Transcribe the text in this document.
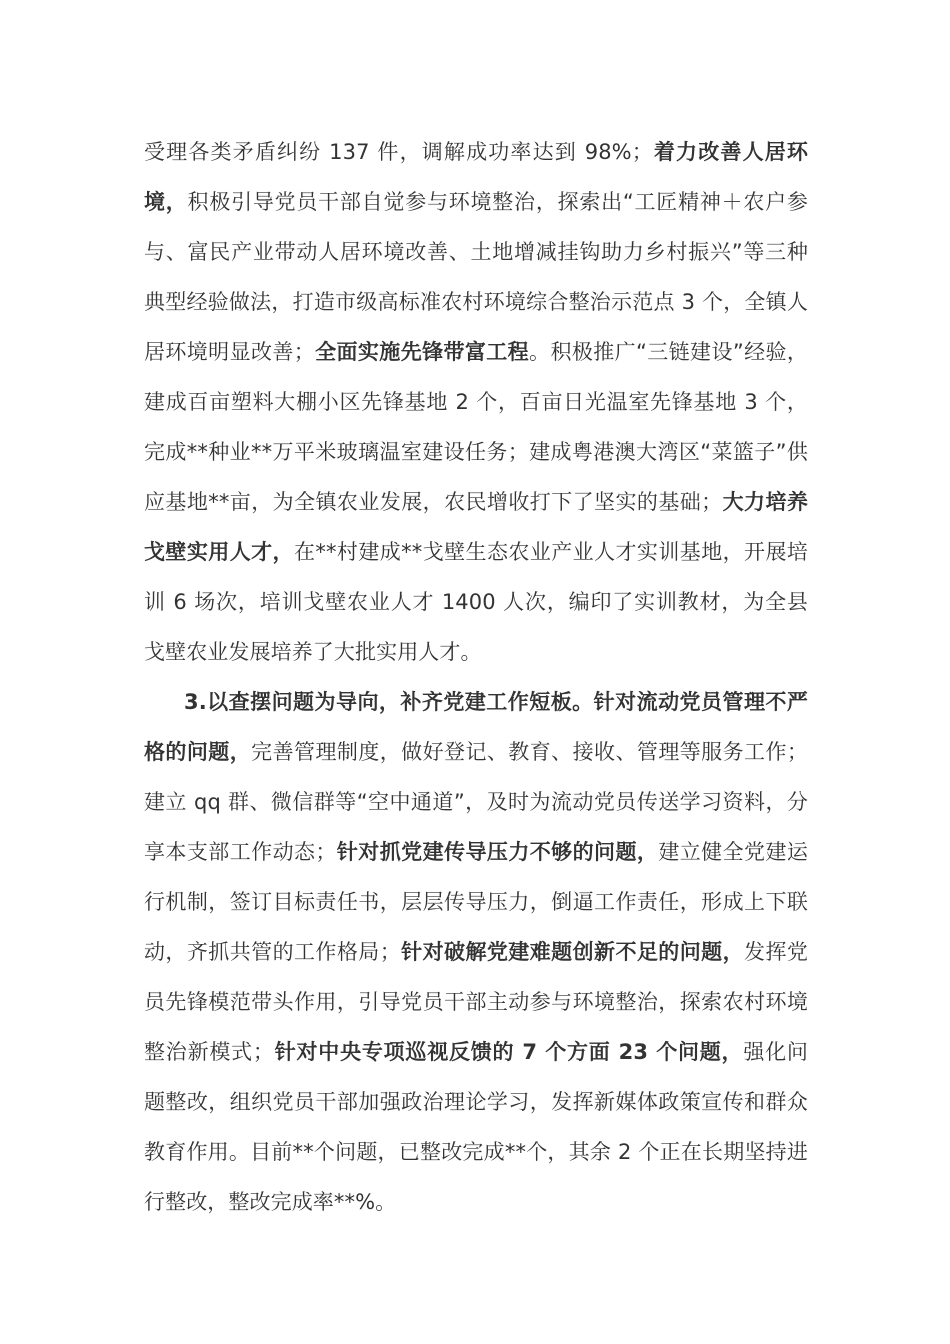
受理各类矛盾纠纷 137 件，调解成功率达到 98%；着力改善人居环境，积极引导党员干部自觉参与环境整治，探索出“工匠精神＋农户参与、富民产业带动人居环境改善、土地增减挂钩助力乡村振兴”等三种典型经验做法，打造市级高标准农村环境综合整治示范点 3 个，全镇人居环境明显改善；全面实施先锋带富工程。积极推广“三链建设”经验，建成百亩塑料大棚小区先锋基地 2 个，百亩日光温室先锋基地 3 个，完成**种业**万平米玻璃温室建设任务；建成粤港澳大湾区“菜篮子”供应基地**亩，为全镇农业发展，农民增收打下了坚实的基础；大力培养戈壁实用人才，在**村建成**戈壁生态农业产业人才实训基地，开展培训 6 场次，培训戈壁农业人才 1400 人次，编印了实训教材，为全县戈壁农业发展培养了大批实用人才。

3.以查摆问题为导向，补齐党建工作短板。针对流动党员管理不严格的问题，完善管理制度，做好登记、教育、接收、管理等服务工作；建立 qq 群、微信群等“空中通道”，及时为流动党员传送学习资料，分享本支部工作动态；针对抓党建传导压力不够的问题，建立健全党建运行机制，签订目标责任书，层层传导压力，倒逼工作责任，形成上下联动，齐抓共管的工作格局；针对破解党建难题创新不足的问题，发挥党员先锋模范带头作用，引导党员干部主动参与环境整治，探索农村环境整治新模式；针对中央专项巡视反馈的 7 个方面 23 个问题，强化问题整改，组织党员干部加强政治理论学习，发挥新媒体政策宣传和群众教育作用。目前**个问题，已整改完成**个，其余 2 个正在长期坚持进行整改，整改完成率**%。
